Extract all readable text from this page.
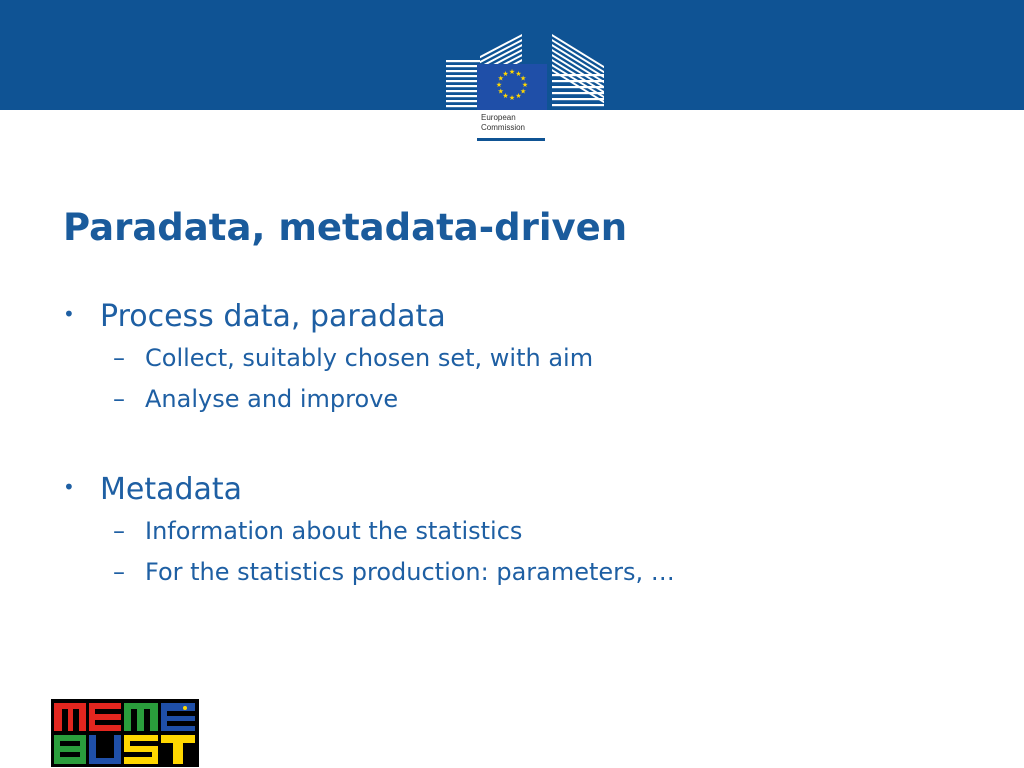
★ ★
★
★
★
★
★
★
★
★
★
★
European
Commission
Paradata, metadata-driven
• Process data, paradata
– Collect, suitably chosen set, with aim
– Analyse and improve
• Metadata
– Information about the statistics
– For the statistics production: parameters, …
